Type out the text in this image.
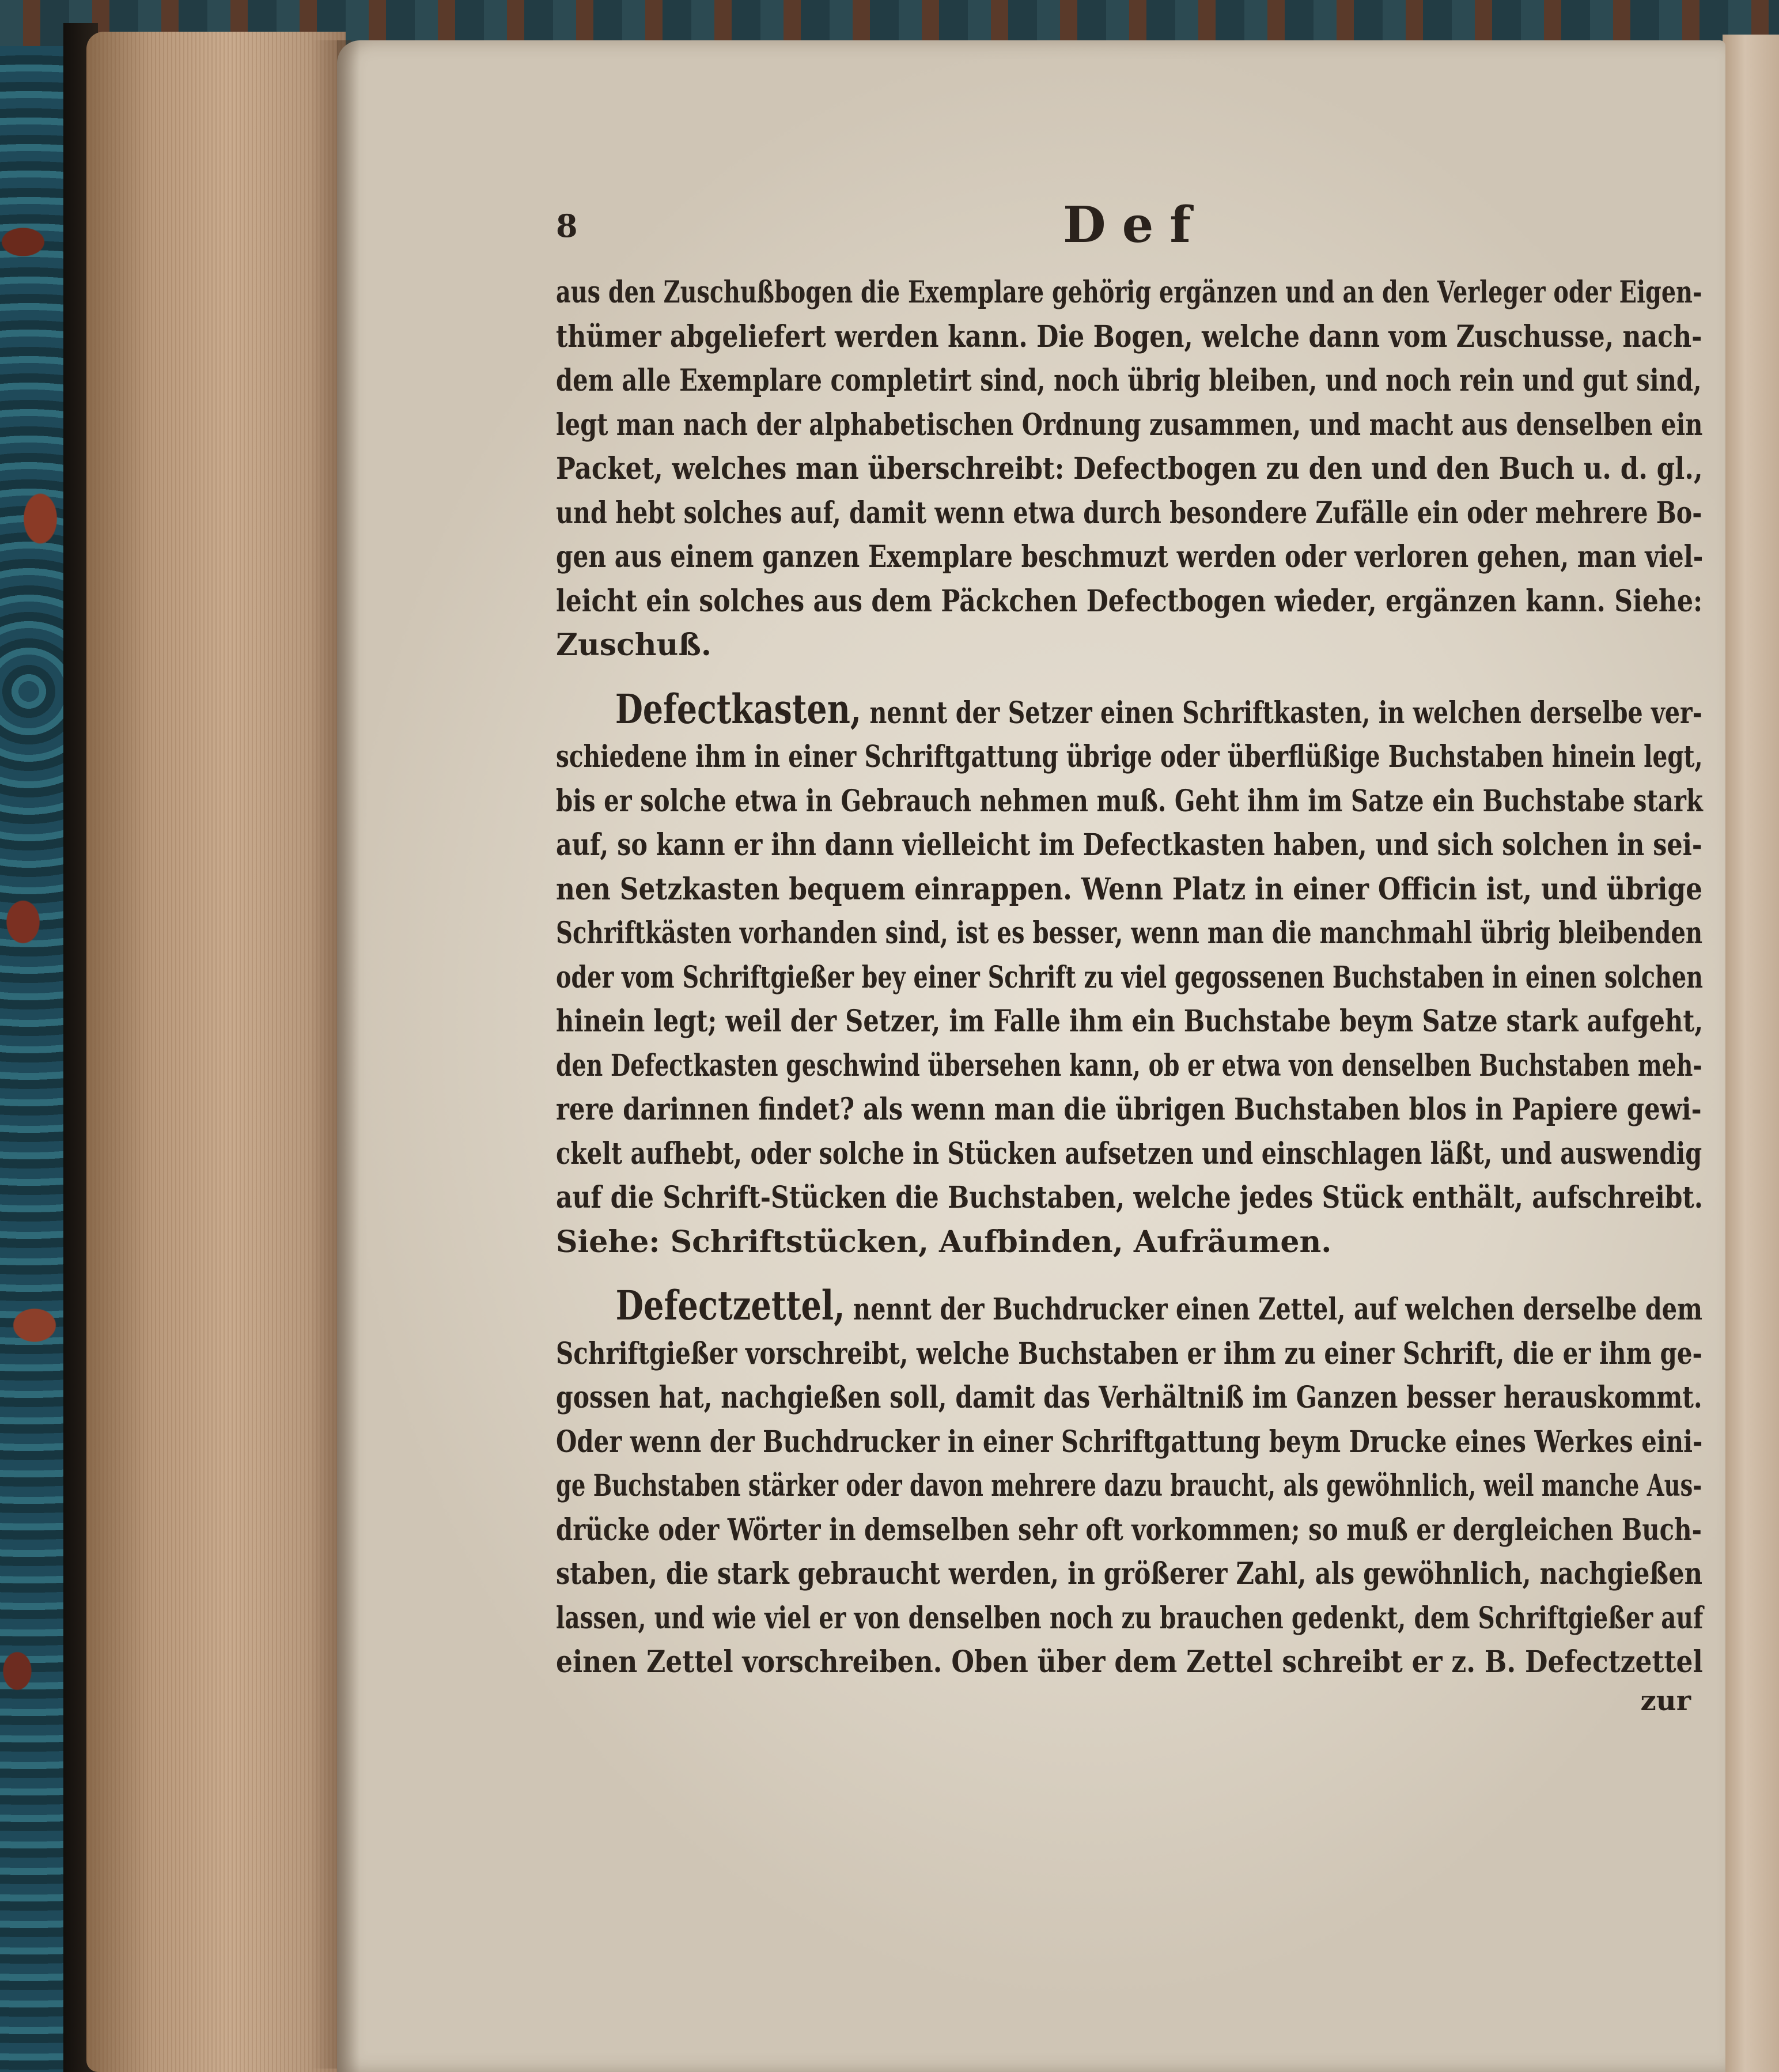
8	Def
aus den Zuschußbogen die Exemplare gehörig ergänzen und an den Verleger oder Eigen-
thümer abgeliefert werden kann. Die Bogen, welche dann vom Zuschusse, nach-
dem alle Exemplare completirt sind, noch übrig bleiben, und noch rein und gut sind,
legt man nach der alphabetischen Ordnung zusammen, und macht aus denselben ein
Packet, welches man überschreibt: Defectbogen zu den und den Buch u. d. gl.,
und hebt solches auf, damit wenn etwa durch besondere Zufälle ein oder mehrere Bo-
gen aus einem ganzen Exemplare beschmuzt werden oder verloren gehen, man viel-
leicht ein solches aus dem Päckchen Defectbogen wieder, ergänzen kann. Siehe:
Zuschuß.
Defectkasten, nennt der Setzer einen Schriftkasten, in welchen derselbe ver-
schiedene ihm in einer Schriftgattung übrige oder überflüßige Buchstaben hinein legt,
bis er solche etwa in Gebrauch nehmen muß. Geht ihm im Satze ein Buchstabe stark
auf, so kann er ihn dann vielleicht im Defectkasten haben, und sich solchen in sei-
nen Setzkasten bequem einrappen. Wenn Platz in einer Officin ist, und übrige
Schriftkästen vorhanden sind, ist es besser, wenn man die manchmahl übrig bleibenden
oder vom Schriftgießer bey einer Schrift zu viel gegossenen Buchstaben in einen solchen
hinein legt; weil der Setzer, im Falle ihm ein Buchstabe beym Satze stark aufgeht,
den Defectkasten geschwind übersehen kann, ob er etwa von denselben Buchstaben meh-
rere darinnen findet? als wenn man die übrigen Buchstaben blos in Papiere gewi-
ckelt aufhebt, oder solche in Stücken aufsetzen und einschlagen läßt, und auswendig
auf die Schrift-Stücken die Buchstaben, welche jedes Stück enthält, aufschreibt.
Siehe: Schriftstücken, Aufbinden, Aufräumen.
Defectzettel, nennt der Buchdrucker einen Zettel, auf welchen derselbe dem
Schriftgießer vorschreibt, welche Buchstaben er ihm zu einer Schrift, die er ihm ge-
gossen hat, nachgießen soll, damit das Verhältniß im Ganzen besser herauskommt.
Oder wenn der Buchdrucker in einer Schriftgattung beym Drucke eines Werkes eini-
ge Buchstaben stärker oder davon mehrere dazu braucht, als gewöhnlich, weil manche Aus-
drücke oder Wörter in demselben sehr oft vorkommen; so muß er dergleichen Buch-
staben, die stark gebraucht werden, in größerer Zahl, als gewöhnlich, nachgießen
lassen, und wie viel er von denselben noch zu brauchen gedenkt, dem Schriftgießer auf
einen Zettel vorschreiben. Oben über dem Zettel schreibt er z. B. Defectzettel
zur
